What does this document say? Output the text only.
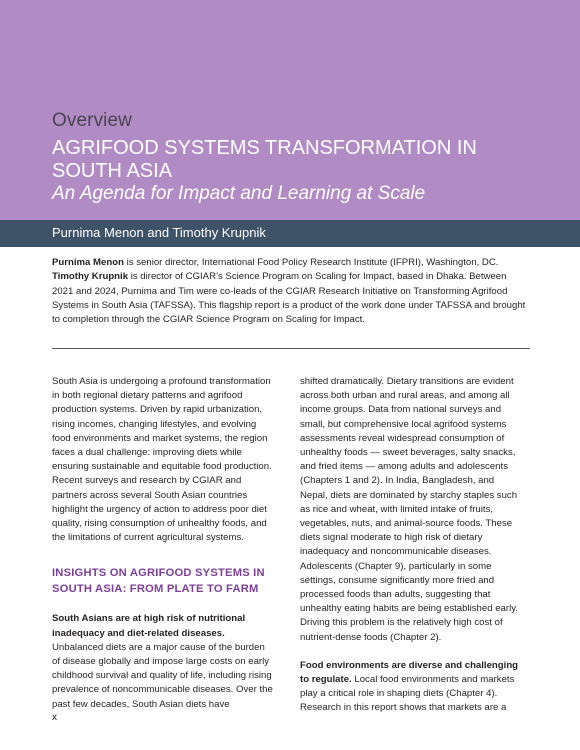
Overview
AGRIFOOD SYSTEMS TRANSFORMATION IN
SOUTH ASIA
An Agenda for Impact and Learning at Scale
Purnima Menon and Timothy Krupnik
Purnima Menon is senior director, International Food Policy Research Institute (IFPRI), Washington, DC.
Timothy Krupnik is director of CGIAR’s Science Program on Scaling for Impact, based in Dhaka. Between 2021 and 2024, Purnima and Tim were co-leads of the CGIAR Research Initiative on Transforming Agrifood Systems in South Asia (TAFSSA). This flagship report is a product of the work done under TAFSSA and brought to completion through the CGIAR Science Program on Scaling for Impact.

South Asia is undergoing a profound transformation in both regional dietary patterns and agrifood production systems. Driven by rapid urbanization, rising incomes, changing lifestyles, and evolving food environments and market systems, the region faces a dual challenge: improving diets while ensuring sustainable and equitable food production. Recent surveys and research by CGIAR and partners across several South Asian countries highlight the urgency of action to address poor diet quality, rising consumption of unhealthy foods, and the limitations of current agricultural systems.

INSIGHTS ON AGRIFOOD SYSTEMS IN
SOUTH ASIA: FROM PLATE TO FARM

South Asians are at high risk of nutritional inadequacy and diet-related diseases. Unbalanced diets are a major cause of the burden of disease globally and impose large costs on early childhood survival and quality of life, including rising prevalence of noncommunicable diseases. Over the past few decades, South Asian diets have

shifted dramatically. Dietary transitions are evident across both urban and rural areas, and among all income groups. Data from national surveys and small, but comprehensive local agrifood systems assessments reveal widespread consumption of unhealthy foods — sweet beverages, salty snacks, and fried items — among adults and adolescents (Chapters 1 and 2). In India, Bangladesh, and Nepal, diets are dominated by starchy staples such as rice and wheat, with limited intake of fruits, vegetables, nuts, and animal-source foods. These diets signal moderate to high risk of dietary inadequacy and noncommunicable diseases. Adolescents (Chapter 9), particularly in some settings, consume significantly more fried and processed foods than adults, suggesting that unhealthy eating habits are being established early. Driving this problem is the relatively high cost of nutrient-dense foods (Chapter 2).

Food environments are diverse and challenging to regulate. Local food environments and markets play a critical role in shaping diets (Chapter 4). Research in this report shows that markets are a

x
